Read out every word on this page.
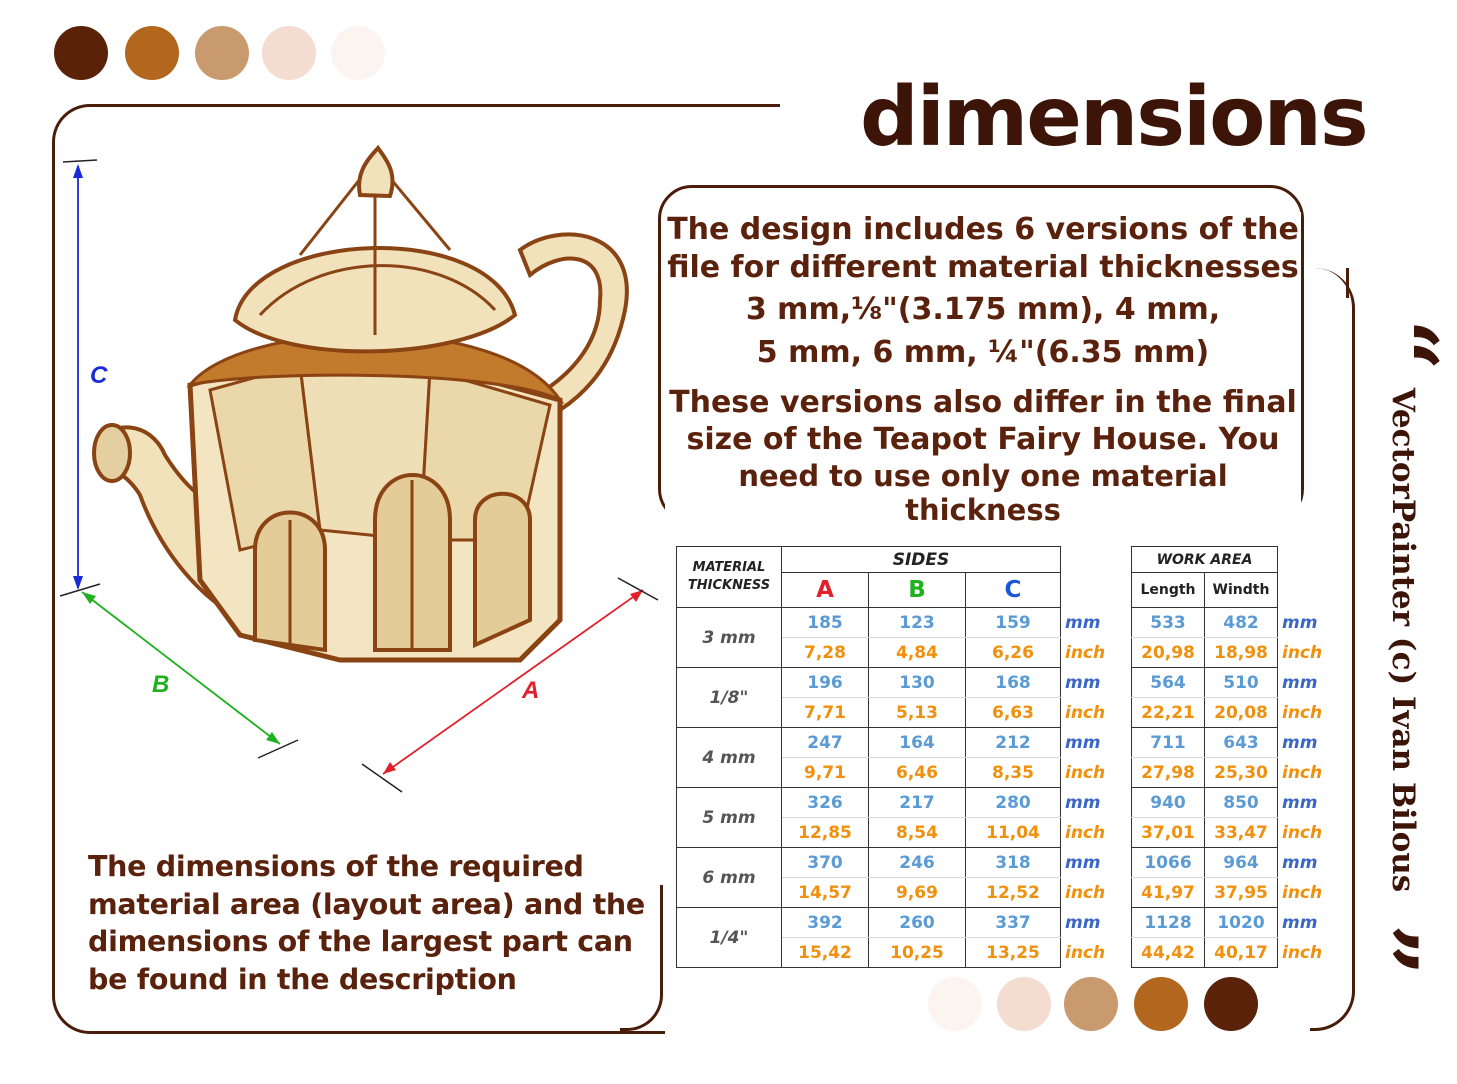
dimensions
The design includes 6 versions of the
file for different material thicknesses
3 mm,⅛"(3.175 mm), 4 mm,
5 mm, 6 mm, ¼"(6.35 mm)
These versions also differ in the final
size of the Teapot Fairy House. You
need to use only one material thickness
C
B	A
The dimensions of the required
material area (layout area) and the
dimensions of the largest part can
be found in the description
“
VectorPainter (c) Ivan Bilous
”
MATERIAL
THICKNESS	SIDES			
	A	B	C	
3 mm	185	123	159	mm
	7,28	4,84	6,26	inch
1/8"	196	130	168	mm
	7,71	5,13	6,63	inch
4 mm	247	164	212	mm
	9,71	6,46	8,35	inch
5 mm	326	217	280	mm
	12,85	8,54	11,04	inch
6 mm	370	246	318	mm
	14,57	9,69	12,52	inch
1/4"	392	260	337	mm
	15,42	10,25	13,25	inch
WORK AREA		
Length	Windth	
533	482	mm
20,98	18,98	inch
564	510	mm
22,21	20,08	inch
711	643	mm
27,98	25,30	inch
940	850	mm
37,01	33,47	inch
1066	964	mm
41,97	37,95	inch
1128	1020	mm
44,42	40,17	inch
